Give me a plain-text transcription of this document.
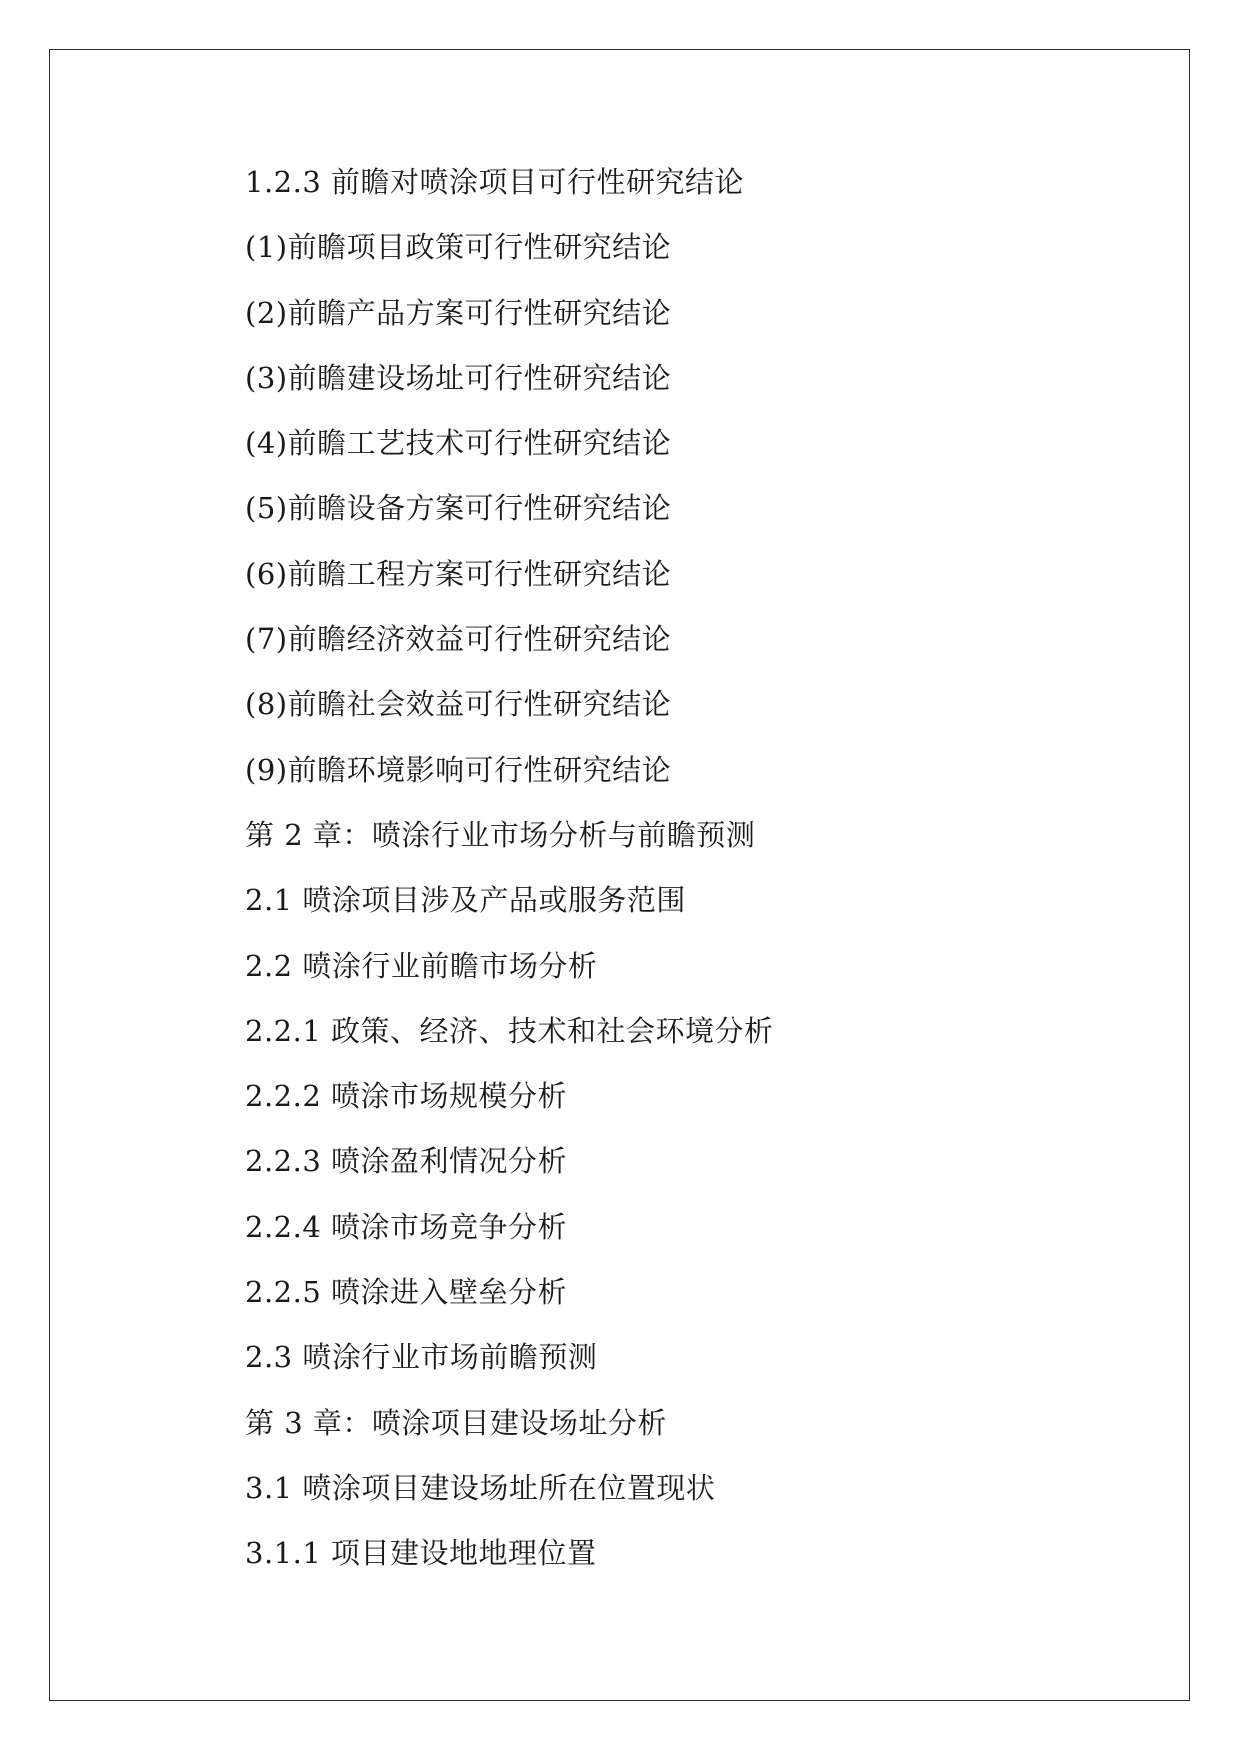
1.2.3 前瞻对喷涂项目可行性研究结论
(1)前瞻项目政策可行性研究结论
(2)前瞻产品方案可行性研究结论
(3)前瞻建设场址可行性研究结论
(4)前瞻工艺技术可行性研究结论
(5)前瞻设备方案可行性研究结论
(6)前瞻工程方案可行性研究结论
(7)前瞻经济效益可行性研究结论
(8)前瞻社会效益可行性研究结论
(9)前瞻环境影响可行性研究结论
第 2 章：喷涂行业市场分析与前瞻预测
2.1 喷涂项目涉及产品或服务范围
2.2 喷涂行业前瞻市场分析
2.2.1 政策、经济、技术和社会环境分析
2.2.2 喷涂市场规模分析
2.2.3 喷涂盈利情况分析
2.2.4 喷涂市场竞争分析
2.2.5 喷涂进入壁垒分析
2.3 喷涂行业市场前瞻预测
第 3 章：喷涂项目建设场址分析
3.1 喷涂项目建设场址所在位置现状
3.1.1 项目建设地地理位置
